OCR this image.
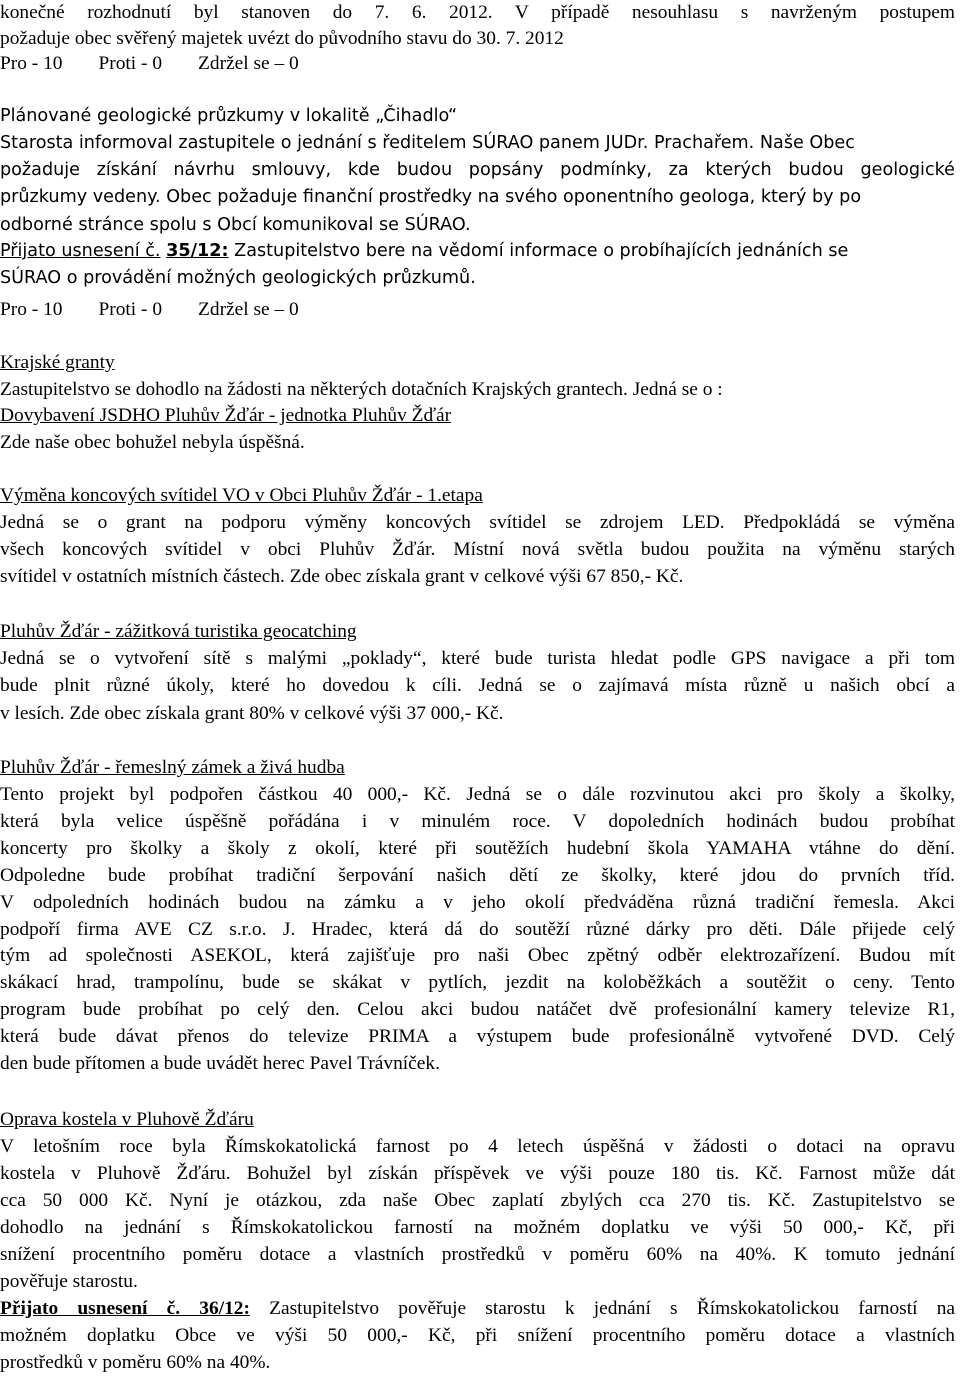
konečné rozhodnutí byl stanoven do 7. 6. 2012. V případě nesouhlasu s navrženým postupem
požaduje obec svěřený majetek uvézt do původního stavu do 30. 7. 2012
Pro - 10 Proti - 0 Zdržel se – 0
Plánované geologické průzkumy v lokalitě „Čihadlo“
Starosta informoval zastupitele o jednání s ředitelem SÚRAO panem JUDr. Prachařem. Naše Obec
požaduje získání návrhu smlouvy, kde budou popsány podmínky, za kterých budou geologické
průzkumy vedeny. Obec požaduje finanční prostředky na svého oponentního geologa, který by po
odborné stránce spolu s Obcí komunikoval se SÚRAO.
Přijato usnesení č. 35/12: Zastupitelstvo bere na vědomí informace o probíhajících jednáních se
SÚRAO o provádění možných geologických průzkumů.
Pro - 10 Proti - 0 Zdržel se – 0
Krajské granty
Zastupitelstvo se dohodlo na žádosti na některých dotačních Krajských grantech. Jedná se o :
Dovybavení JSDHO Pluhův Žďár - jednotka Pluhův Žďár
Zde naše obec bohužel nebyla úspěšná.
Výměna koncových svítidel VO v Obci Pluhův Žďár - 1.etapa
Jedná se o grant na podporu výměny koncových svítidel se zdrojem LED. Předpokládá se výměna
všech koncových svítidel v obci Pluhův Žďár. Místní nová světla budou použita na výměnu starých
svítidel v ostatních místních částech. Zde obec získala grant v celkové výši 67 850,- Kč.
Pluhův Žďár - zážitková turistika geocatching
Jedná se o vytvoření sítě s malými „poklady“, které bude turista hledat podle GPS navigace a při tom
bude plnit různé úkoly, které ho dovedou k cíli. Jedná se o zajímavá místa různě u našich obcí a
v lesích. Zde obec získala grant 80% v celkové výši 37 000,- Kč.
Pluhův Žďár - řemeslný zámek a živá hudba
Tento projekt byl podpořen částkou 40 000,- Kč. Jedná se o dále rozvinutou akci pro školy a školky,
která byla velice úspěšně pořádána i v minulém roce. V dopoledních hodinách budou probíhat
koncerty pro školky a školy z okolí, které při soutěžích hudební škola YAMAHA vtáhne do dění.
Odpoledne bude probíhat tradiční šerpování našich dětí ze školky, které jdou do prvních tříd.
V odpoledních hodinách budou na zámku a v jeho okolí předváděna různá tradiční řemesla. Akci
podpoří firma AVE CZ s.r.o. J. Hradec, která dá do soutěží různé dárky pro děti. Dále přijede celý
tým ad společnosti ASEKOL, která zajišťuje pro naši Obec zpětný odběr elektrozařízení. Budou mít
skákací hrad, trampolínu, bude se skákat v pytlích, jezdit na koloběžkách a soutěžit o ceny. Tento
program bude probíhat po celý den. Celou akci budou natáčet dvě profesionální kamery televize R1,
která bude dávat přenos do televize PRIMA a výstupem bude profesionálně vytvořené DVD. Celý
den bude přítomen a bude uvádět herec Pavel Trávníček.
Oprava kostela v Pluhově Žďáru
V letošním roce byla Římskokatolická farnost po 4 letech úspěšná v žádosti o dotaci na opravu
kostela v Pluhově Žďáru. Bohužel byl získán příspěvek ve výši pouze 180 tis. Kč. Farnost může dát
cca 50 000 Kč. Nyní je otázkou, zda naše Obec zaplatí zbylých cca 270 tis. Kč. Zastupitelstvo se
dohodlo na jednání s Římskokatolickou farností na možném doplatku ve výši 50 000,- Kč, při
snížení procentního poměru dotace a vlastních prostředků v poměru 60% na 40%. K tomuto jednání
pověřuje starostu.
Přijato usnesení č. 36/12: Zastupitelstvo pověřuje starostu k jednání s Římskokatolickou farností na
možném doplatku Obce ve výši 50 000,- Kč, při snížení procentního poměru dotace a vlastních
prostředků v poměru 60% na 40%.
